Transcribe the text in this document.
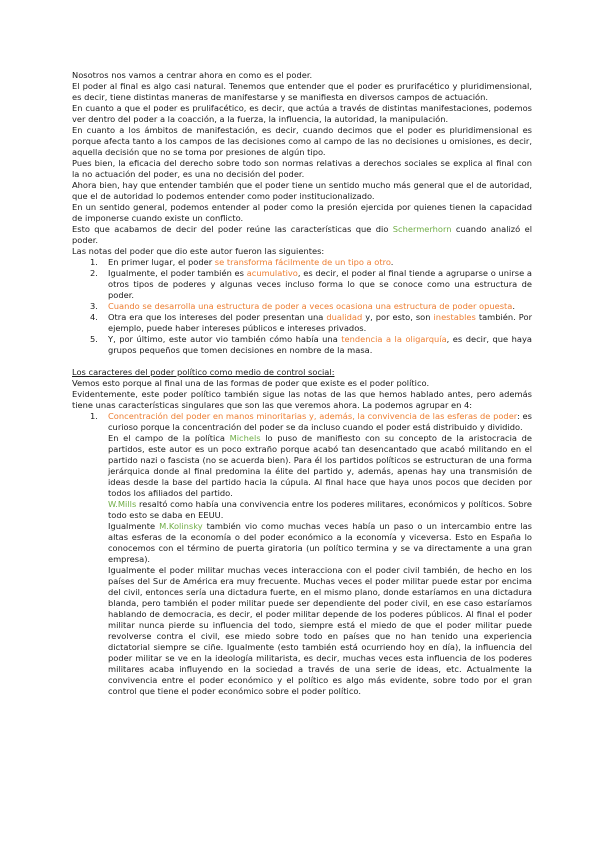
Nosotros nos vamos a centrar ahora en como es el poder.

El poder al final es algo casi natural. Tenemos que entender que el poder es prurifacético y pluridimensional, es decir, tiene distintas maneras de manifestarse y se manifiesta en diversos campos de actuación.

En cuanto a que el poder es prulifacético, es decir, que actúa a través de distintas manifestaciones, podemos ver dentro del poder a la coacción, a la fuerza, la influencia, la autoridad, la manipulación.

En cuanto a los ámbitos de manifestación, es decir, cuando decimos que el poder es pluridimensional es porque afecta tanto a los campos de las decisiones como al campo de las no decisiones u omisiones, es decir, aquella decisión que no se toma por presiones de algún tipo.

Pues bien, la eficacia del derecho sobre todo son normas relativas a derechos sociales se explica al final con la no actuación del poder, es una no decisión del poder.

Ahora bien, hay que entender también que el poder tiene un sentido mucho más general que el de autoridad, que el de autoridad lo podemos entender como poder institucionalizado.

En un sentido general, podemos entender al poder como la presión ejercida por quienes tienen la capacidad de imponerse cuando existe un conflicto.

Esto que acabamos de decir del poder reúne las características que dio Schermerhorn cuando analizó el poder.

Las notas del poder que dio este autor fueron las siguientes:

1. En primer lugar, el poder se transforma fácilmente de un tipo a otro.
2. Igualmente, el poder también es acumulativo, es decir, el poder al final tiende a agruparse o unirse a otros tipos de poderes y algunas veces incluso forma lo que se conoce como una estructura de poder.
3. Cuando se desarrolla una estructura de poder a veces ocasiona una estructura de poder opuesta.
4. Otra era que los intereses del poder presentan una dualidad y, por esto, son inestables también. Por ejemplo, puede haber intereses públicos e intereses privados.
5. Y, por último, este autor vio también cómo había una tendencia a la oligarquía, es decir, que haya grupos pequeños que tomen decisiones en nombre de la masa.

Los caracteres del poder político como medio de control social:

Vemos esto porque al final una de las formas de poder que existe es el poder político.

Evidentemente, este poder político también sigue las notas de las que hemos hablado antes, pero además tiene unas características singulares que son las que veremos ahora. La podemos agrupar en 4:

1. Concentración del poder en manos minoritarias y, además, la convivencia de las esferas de poder: es curioso porque la concentración del poder se da incluso cuando el poder está distribuido y dividido.

En el campo de la política Michels lo puso de manifiesto con su concepto de la aristocracia de partidos, este autor es un poco extraño porque acabó tan desencantado que acabó militando en el partido nazi o fascista (no se acuerda bien). Para él los partidos políticos se estructuran de una forma jerárquica donde al final predomina la élite del partido y, además, apenas hay una transmisión de ideas desde la base del partido hacia la cúpula. Al final hace que haya unos pocos que deciden por todos los afiliados del partido.

W.Mills resaltó como había una convivencia entre los poderes militares, económicos y políticos. Sobre todo esto se daba en EEUU.

Igualmente M.Kolinsky también vio como muchas veces había un paso o un intercambio entre las altas esferas de la economía o del poder económico a la economía y viceversa. Esto en España lo conocemos con el término de puerta giratoria (un político termina y se va directamente a una gran empresa).

Igualmente el poder militar muchas veces interacciona con el poder civil también, de hecho en los países del Sur de América era muy frecuente. Muchas veces el poder militar puede estar por encima del civil, entonces sería una dictadura fuerte, en el mismo plano, donde estaríamos en una dictadura blanda, pero también el poder militar puede ser dependiente del poder civil, en ese caso estaríamos hablando de democracia, es decir, el poder militar depende de los poderes públicos. Al final el poder militar nunca pierde su influencia del todo, siempre está el miedo de que el poder militar puede revolverse contra el civil, ese miedo sobre todo en países que no han tenido una experiencia dictatorial siempre se ciñe. Igualmente (esto también está ocurriendo hoy en día), la influencia del poder militar se ve en la ideología militarista, es decir, muchas veces esta influencia de los poderes militares acaba influyendo en la sociedad a través de una serie de ideas, etc. Actualmente la convivencia entre el poder económico y el político es algo más evidente, sobre todo por el gran control que tiene el poder económico sobre el poder político.
